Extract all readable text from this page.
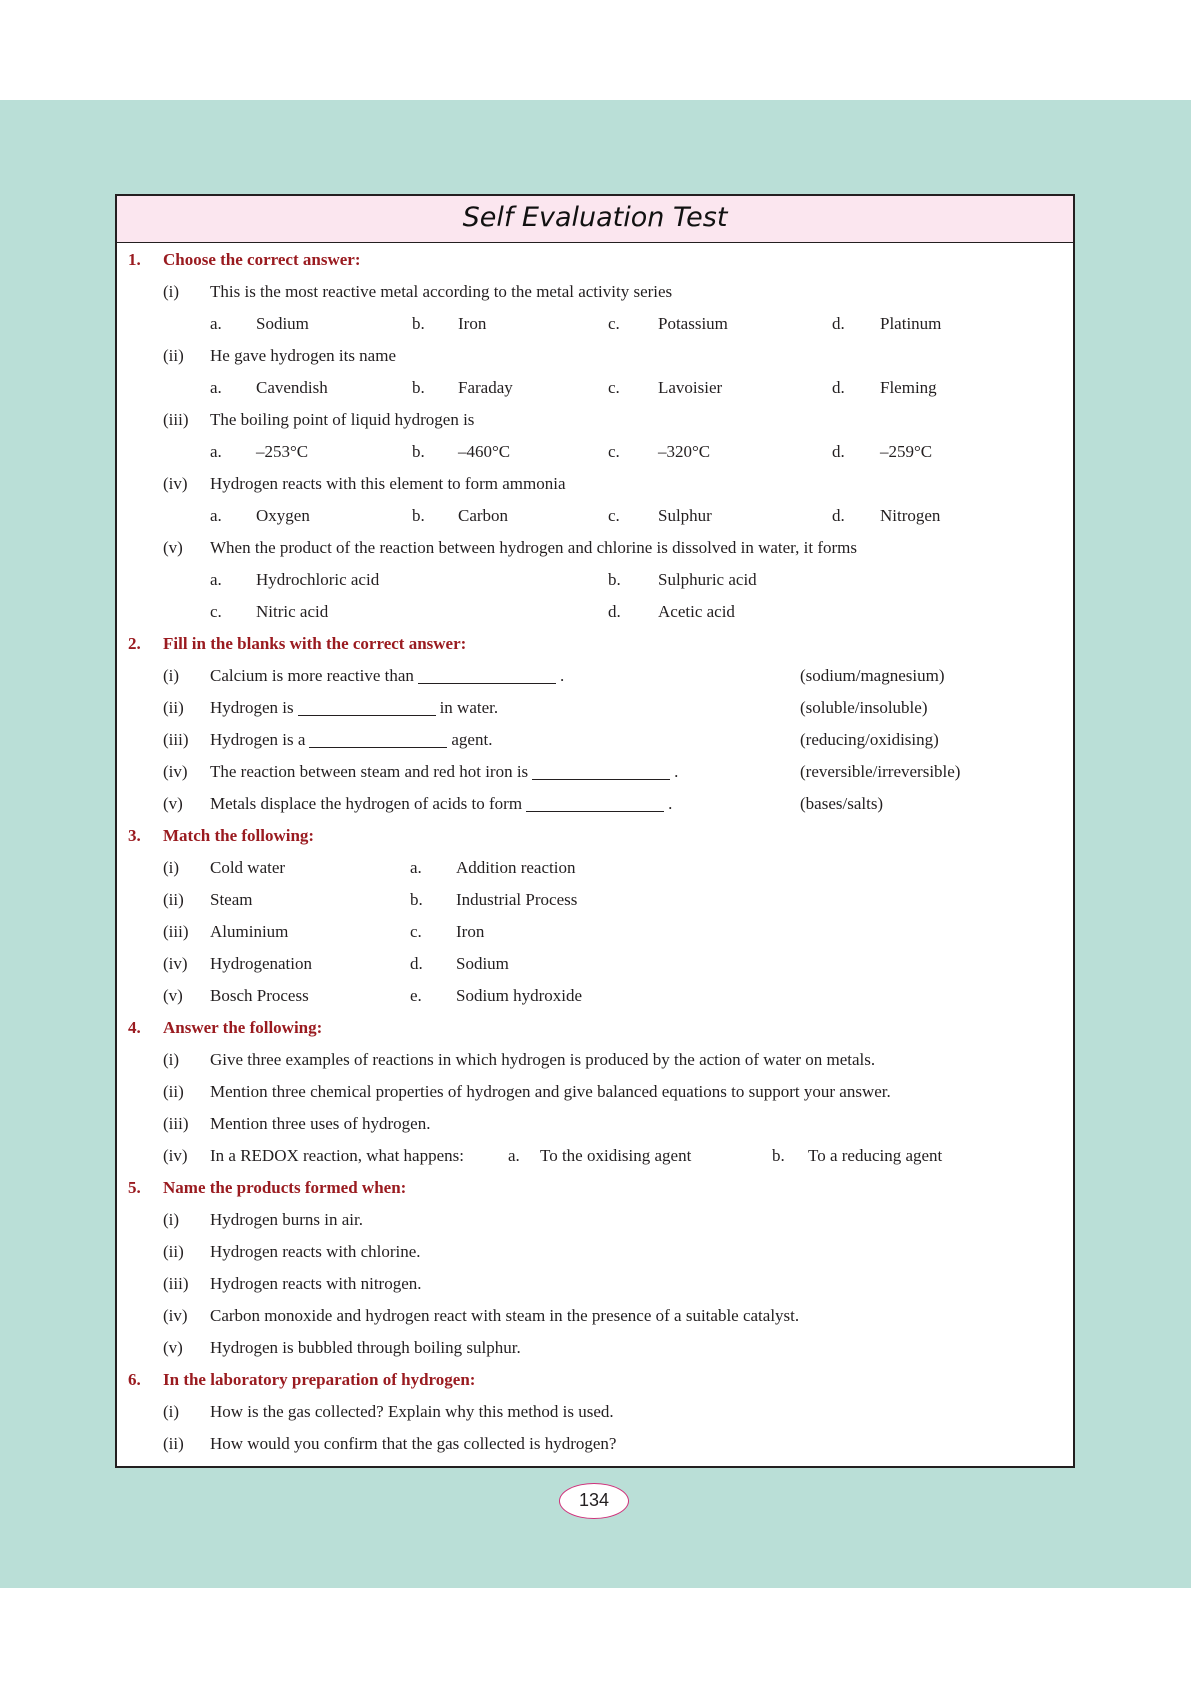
Self Evaluation Test
1. Choose the correct answer:
(i) This is the most reactive metal according to the metal activity series
a. Sodium	b. Iron	c. Potassium	d. Platinum
(ii) He gave hydrogen its name
a. Cavendish	b. Faraday	c. Lavoisier	d. Fleming
(iii) The boiling point of liquid hydrogen is
a. –253°C	b. –460°C	c. –320°C	d. –259°C
(iv) Hydrogen reacts with this element to form ammonia
a. Oxygen	b. Carbon	c. Sulphur	d. Nitrogen
(v) When the product of the reaction between hydrogen and chlorine is dissolved in water, it forms
a. Hydrochloric acid	b. Sulphuric acid
c. Nitric acid	d. Acetic acid
2. Fill in the blanks with the correct answer:
(i) Calcium is more reactive than	.	(sodium/magnesium)
(ii) Hydrogen is	in water.	(soluble/insoluble)
(iii) Hydrogen is a	agent.	(reducing/oxidising)
(iv) The reaction between steam and red hot iron is	.	(reversible/irreversible)
(v) Metals displace the hydrogen of acids to form	.	(bases/salts)
3. Match the following:
(i) Cold water	a. Addition reaction
(ii) Steam	b. Industrial Process
(iii) Aluminium	c. Iron
(iv) Hydrogenation	d. Sodium
(v) Bosch Process	e. Sodium hydroxide
4. Answer the following:
(i) Give three examples of reactions in which hydrogen is produced by the action of water on metals.
(ii) Mention three chemical properties of hydrogen and give balanced equations to support your answer.
(iii) Mention three uses of hydrogen.
(iv) In a REDOX reaction, what happens:	a. To the oxidising agent	b. To a reducing agent
5. Name the products formed when:
(i) Hydrogen burns in air.
(ii) Hydrogen reacts with chlorine.
(iii) Hydrogen reacts with nitrogen.
(iv) Carbon monoxide and hydrogen react with steam in the presence of a suitable catalyst.
(v) Hydrogen is bubbled through boiling sulphur.
6. In the laboratory preparation of hydrogen:
(i) How is the gas collected? Explain why this method is used.
(ii) How would you confirm that the gas collected is hydrogen?
134
